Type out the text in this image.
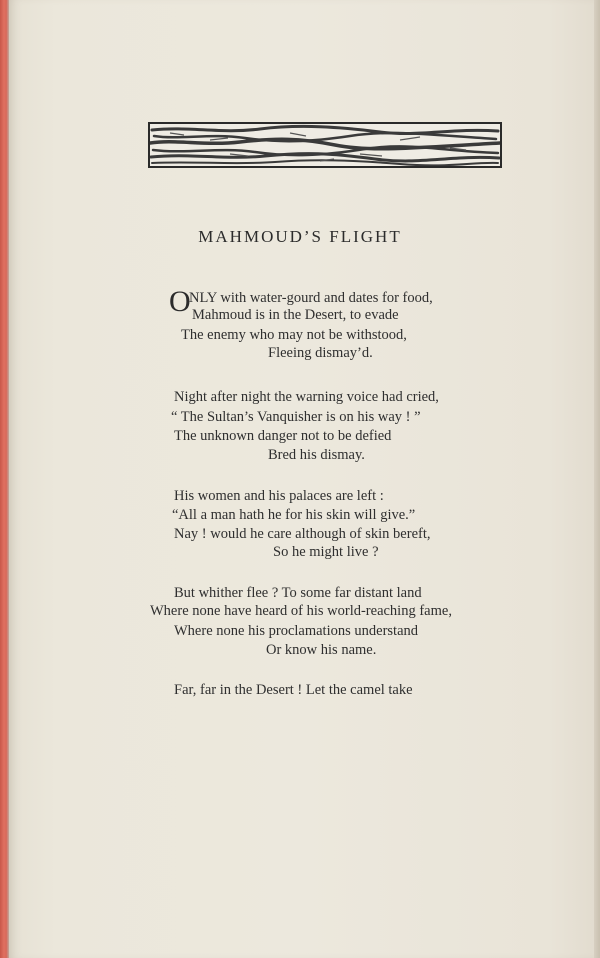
MAHMOUD’S FLIGHT
O
NLY with water-gourd and dates for food,
Mahmoud is in the Desert, to evade
The enemy who may not be withstood,
Fleeing dismay’d.
Night after night the warning voice had cried,
“ The Sultan’s Vanquisher is on his way ! ”
The unknown danger not to be defied
Bred his dismay.
His women and his palaces are left :
“All a man hath he for his skin will give.”
Nay ! would he care although of skin bereft,
So he might live ?
But whither flee ? To some far distant land
Where none have heard of his world-reaching fame,
Where none his proclamations understand
Or know his name.
Far, far in the Desert ! Let the camel take
